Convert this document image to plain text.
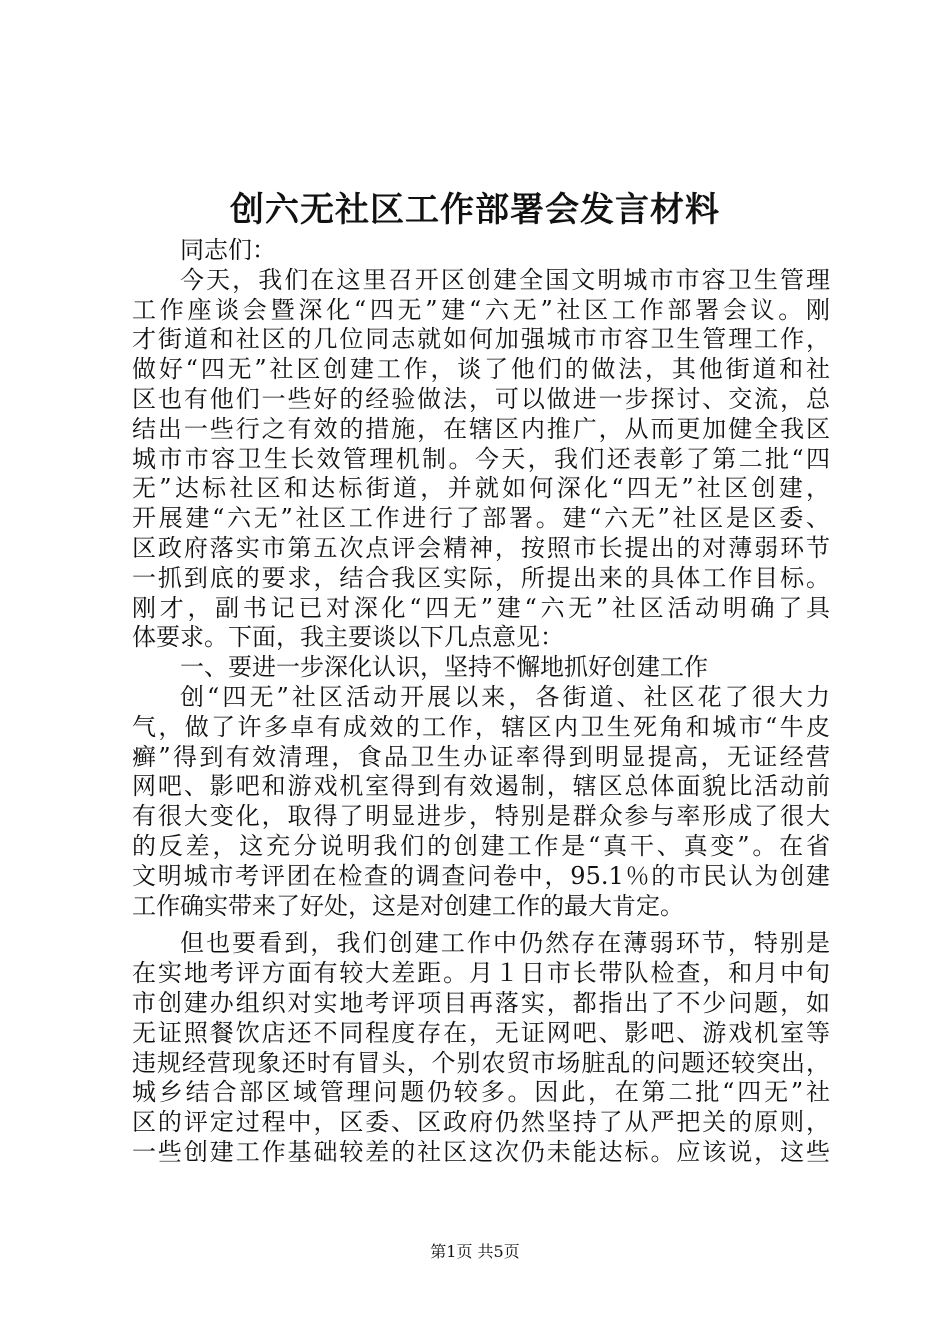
创六无社区工作部署会发言材料
同志们：
今天，我们在这里召开区创建全国文明城市市容卫生管理
工作座谈会暨深化“四无”建“六无”社区工作部署会议。刚
才街道和社区的几位同志就如何加强城市市容卫生管理工作，
做好“四无”社区创建工作，谈了他们的做法，其他街道和社
区也有他们一些好的经验做法，可以做进一步探讨、交流，总
结出一些行之有效的措施，在辖区内推广，从而更加健全我区
城市市容卫生长效管理机制。今天，我们还表彰了第二批“四
无”达标社区和达标街道，并就如何深化“四无”社区创建，
开展建“六无”社区工作进行了部署。建“六无”社区是区委、
区政府落实市第五次点评会精神，按照市长提出的对薄弱环节
一抓到底的要求，结合我区实际，所提出来的具体工作目标。
刚才，副书记已对深化“四无”建“六无”社区活动明确了具
体要求。下面，我主要谈以下几点意见：
一、要进一步深化认识，坚持不懈地抓好创建工作
创“四无”社区活动开展以来，各街道、社区花了很大力
气，做了许多卓有成效的工作，辖区内卫生死角和城市“牛皮
癣”得到有效清理，食品卫生办证率得到明显提高，无证经营
网吧、影吧和游戏机室得到有效遏制，辖区总体面貌比活动前
有很大变化，取得了明显进步，特别是群众参与率形成了很大
的反差，这充分说明我们的创建工作是“真干、真变”。在省
文明城市考评团在检查的调查问卷中，95.1％的市民认为创建
工作确实带来了好处，这是对创建工作的最大肯定。
但也要看到，我们创建工作中仍然存在薄弱环节，特别是
在实地考评方面有较大差距。月１日市长带队检查，和月中旬
市创建办组织对实地考评项目再落实，都指出了不少问题，如
无证照餐饮店还不同程度存在，无证网吧、影吧、游戏机室等
违规经营现象还时有冒头，个别农贸市场脏乱的问题还较突出，
城乡结合部区域管理问题仍较多。因此，在第二批“四无”社
区的评定过程中，区委、区政府仍然坚持了从严把关的原则，
一些创建工作基础较差的社区这次仍未能达标。应该说，这些
第1页 共5页
